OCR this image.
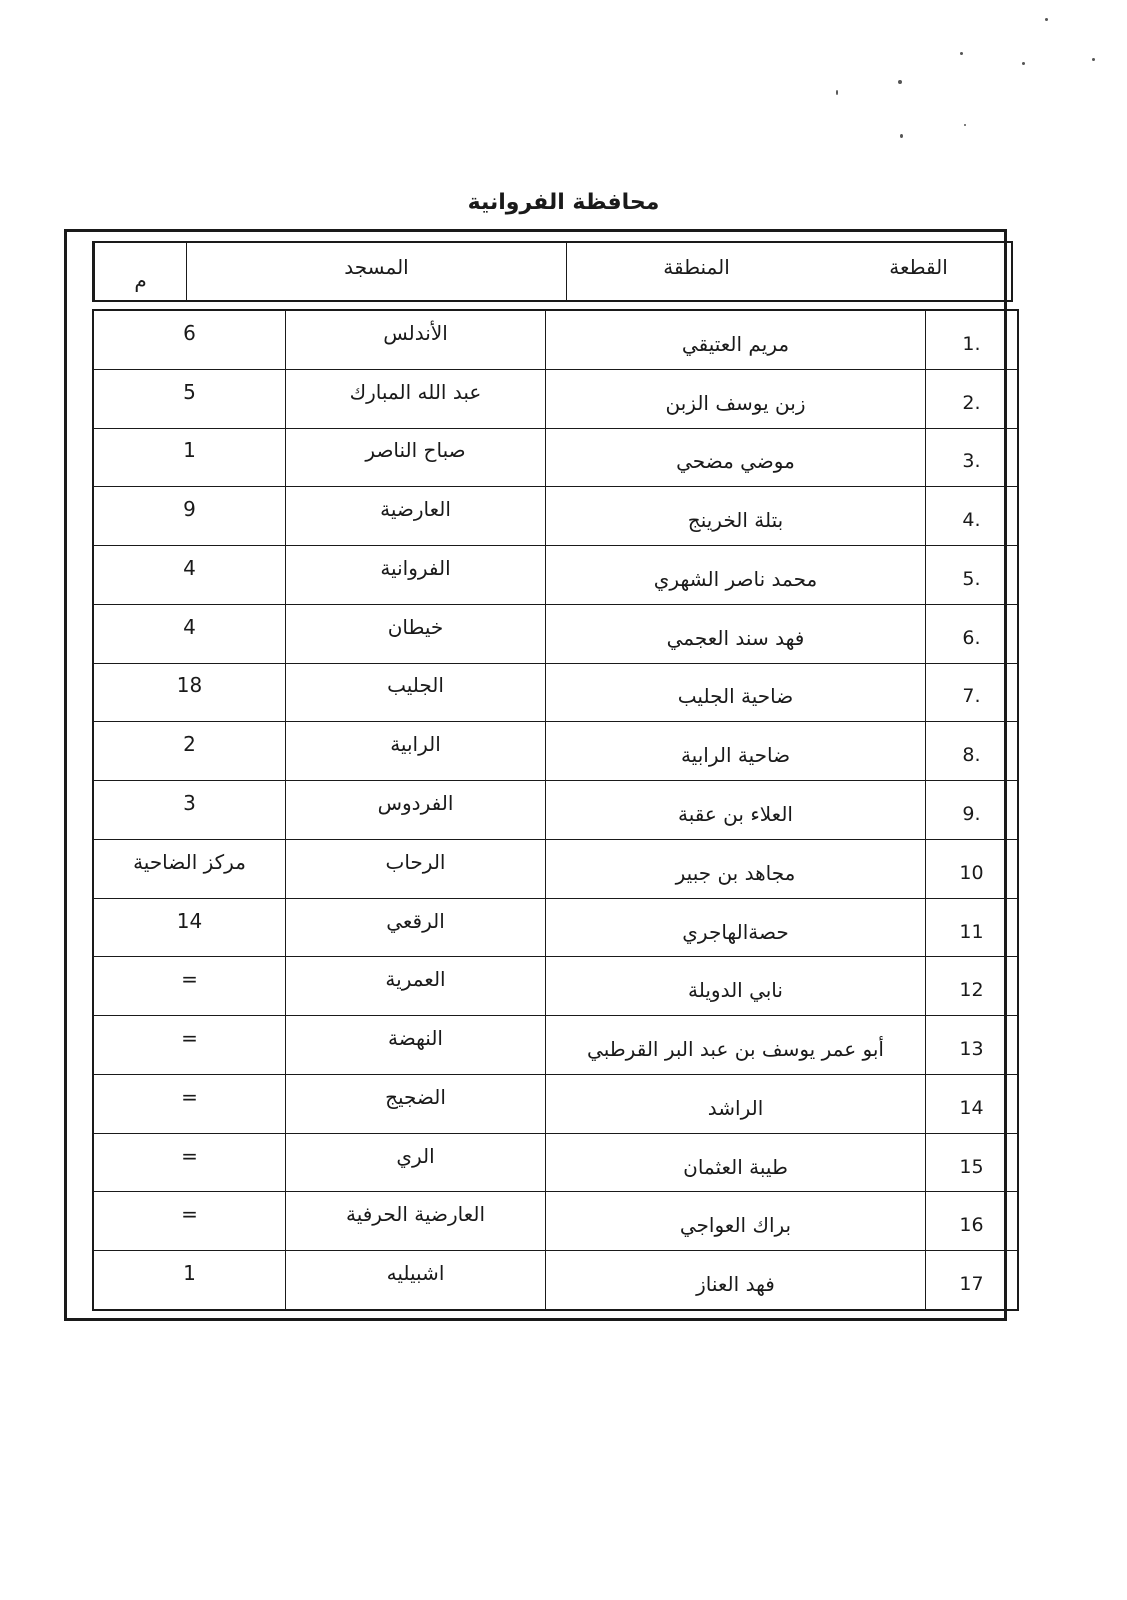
محافظة الفروانية
م
المسجد	المنطقة	القطعة
1.
مريم العتيقي
الأندلس
6
2.
زبن يوسف الزبن
عبد الله المبارك
5
3.
موضي مضحي
صباح الناصر
1
4.
بتلة الخرينج
العارضية
9
5.
محمد ناصر الشهري
الفروانية
4
6.
فهد سند العجمي
خيطان
4
7.
ضاحية الجليب
الجليب
18
8.
ضاحية الرابية
الرابية
2
9.
العلاء بن عقبة
الفردوس
3
10
مجاهد بن جبير
الرحاب
مركز الضاحية
11
حصةالهاجري
الرقعي
14
12
نابي الدويلة
العمرية
=
13
أبو عمر يوسف بن عبد البر القرطبي
النهضة
=
14
الراشد
الضجيج
=
15
طيبة العثمان
الري
=
16
براك العواجي
العارضية الحرفية
=
17
فهد العناز
اشبيليه
1
